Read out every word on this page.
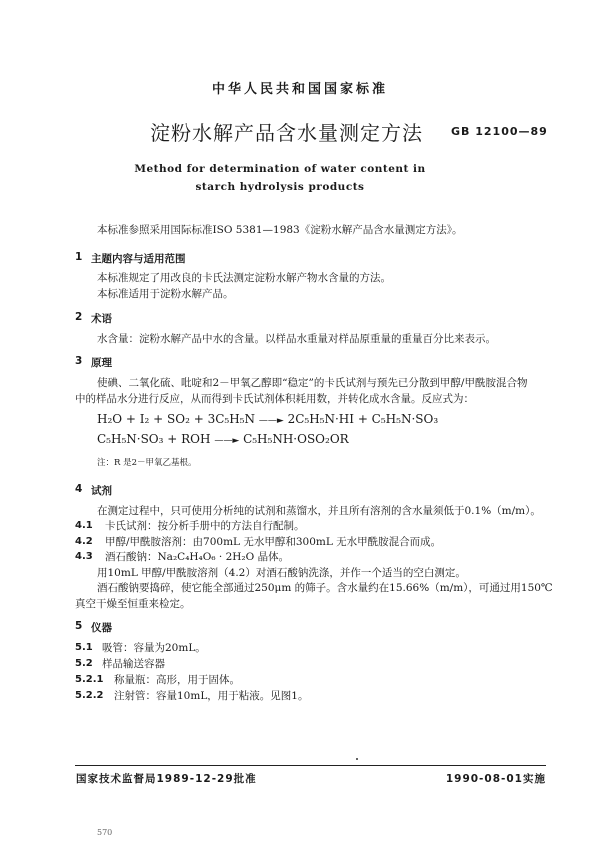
中华人民共和国国家标准
淀粉水解产品含水量测定方法	GB 12100—89
Method for determination of water content in
starch hydrolysis products
本标准参照采用国际标准ISO 5381—1983《淀粉水解产品含水量测定方法》。
1 主题内容与适用范围
本标准规定了用改良的卡氏法测定淀粉水解产物水含量的方法。
本标准适用于淀粉水解产品。
2 术语
水含量：淀粉水解产品中水的含量。以样品水重量对样品原重量的重量百分比来表示。
3 原理
使碘、二氧化硫、吡啶和2－甲氧乙醇即“稳定”的卡氏试剂与预先已分散到甲醇/甲酰胺混合物
中的样品水分进行反应，从而得到卡氏试剂体积耗用数，并转化成水含量。反应式为：
H₂O + I₂ + SO₂ + 3C₅H₅N ——► 2C₅H₅N·HI + C₅H₅N·SO₃
C₅H₅N·SO₃ + ROH ——► C₅H₅NH·OSO₂OR
注：R 是2－甲氧乙基根。
4 试剂
在测定过程中，只可使用分析纯的试剂和蒸馏水，并且所有溶剂的含水量须低于0.1%（m/m）。
4.1 卡氏试剂：按分析手册中的方法自行配制。
4.2 甲醇/甲酰胺溶剂：由700mL 无水甲醇和300mL 无水甲酰胺混合而成。
4.3 酒石酸钠：Na₂C₄H₄O₆ · 2H₂O 晶体。
用10mL 甲醇/甲酰胺溶剂（4.2）对酒石酸钠洗涤，并作一个适当的空白测定。
酒石酸钠要捣碎，使它能全部通过250μm 的筛子。含水量约在15.66%（m/m），可通过用150℃
真空干燥至恒重来检定。
5 仪器
5.1 吸管：容量为20mL。
5.2 样品输送容器
5.2.1 称量瓶：高形，用于固体。
5.2.2 注射管：容量10mL，用于粘液。见图1。
国家技术监督局1989-12-29批准	1990-08-01实施
570
